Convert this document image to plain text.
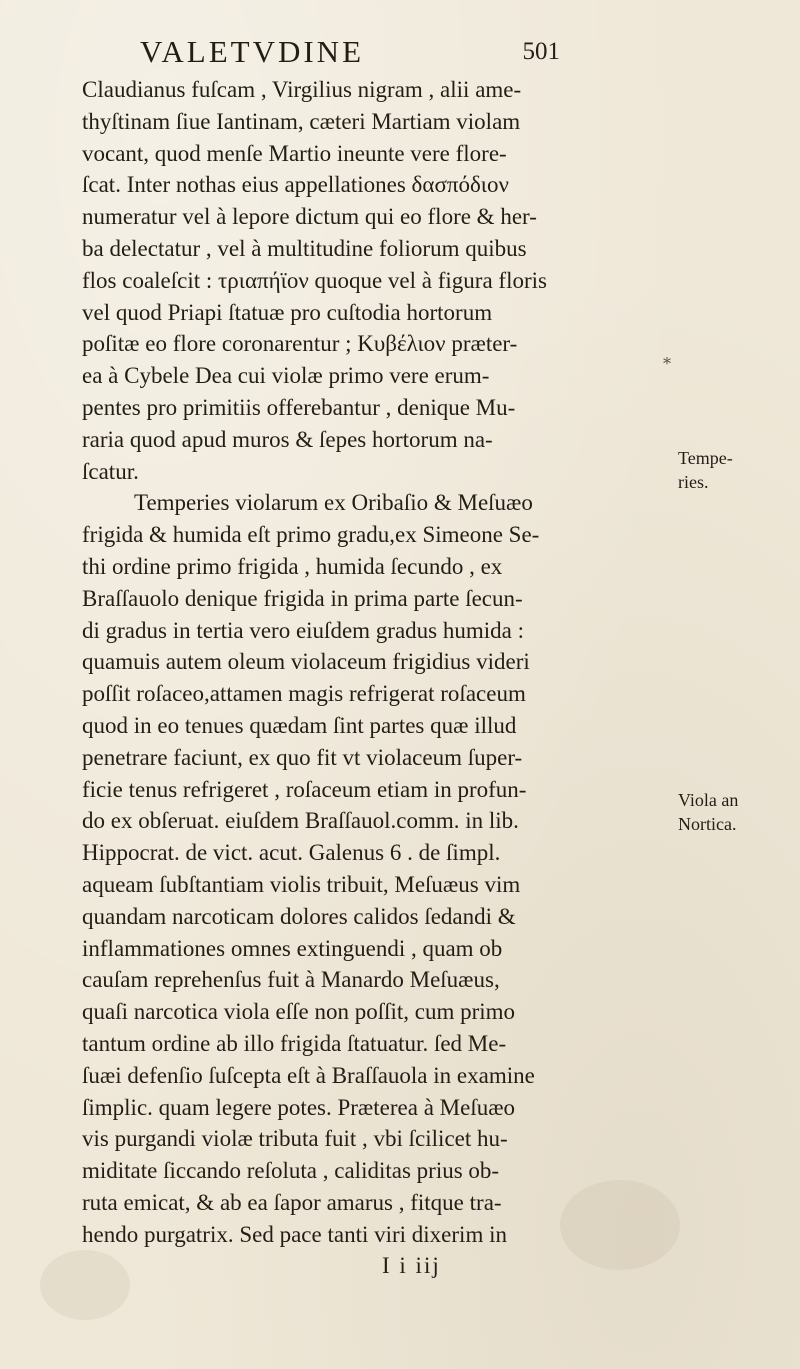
VALETVDINE	501
Claudianus fuſcam , Virgilius nigram , alii ame-
thyſtinam ſiue Iantinam, cæteri Martiam violam
vocant, quod menſe Martio ineunte vere flore-
ſcat. Inter nothas eius appellationes δασπόδιον
numeratur vel à lepore dictum qui eo flore & her-
ba delectatur , vel à multitudine foliorum quibus
flos coaleſcit : τριαπήϊον quoque vel à figura floris
vel quod Priapi ſtatuæ pro cuſtodia hortorum
poſitæ eo flore coronarentur ; Κυβέλιον præter-
ea à Cybele Dea cui violæ primo vere erum-
pentes pro primitiis offerebantur , denique Mu-
raria quod apud muros & ſepes hortorum na-
ſcatur.
Temperies violarum ex Oribaſio & Meſuæo
frigida & humida eſt primo gradu,ex Simeone Se-
thi ordine primo frigida , humida ſecundo , ex
Braſſauolo denique frigida in prima parte ſecun-
di gradus in tertia vero eiuſdem gradus humida :
quamuis autem oleum violaceum frigidius videri
poſſit roſaceo,attamen magis refrigerat roſaceum
quod in eo tenues quædam ſint partes quæ illud
penetrare faciunt, ex quo fit vt violaceum ſuper-
ficie tenus refrigeret , roſaceum etiam in profun-
do ex obſeruat. eiuſdem Braſſauol.comm. in lib.
Hippocrat. de vict. acut. Galenus 6 . de ſimpl.
aqueam ſubſtantiam violis tribuit, Meſuæus vim
quandam narcoticam dolores calidos ſedandi &
inflammationes omnes extinguendi , quam ob
cauſam reprehenſus fuit à Manardo Meſuæus,
quaſi narcotica viola eſſe non poſſit, cum primo
tantum ordine ab illo frigida ſtatuatur. ſed Me-
ſuæi defenſio ſuſcepta eſt à Braſſauola in examine
ſimplic. quam legere potes. Præterea à Meſuæo
vis purgandi violæ tributa fuit , vbi ſcilicet hu-
miditate ſiccando reſoluta , caliditas prius ob-
ruta emicat, & ab ea ſapor amarus , fitque tra-
hendo purgatrix. Sed pace tanti viri dixerim in
I i iij
*
Tempe-
ries.
Viola an
Nortica.
